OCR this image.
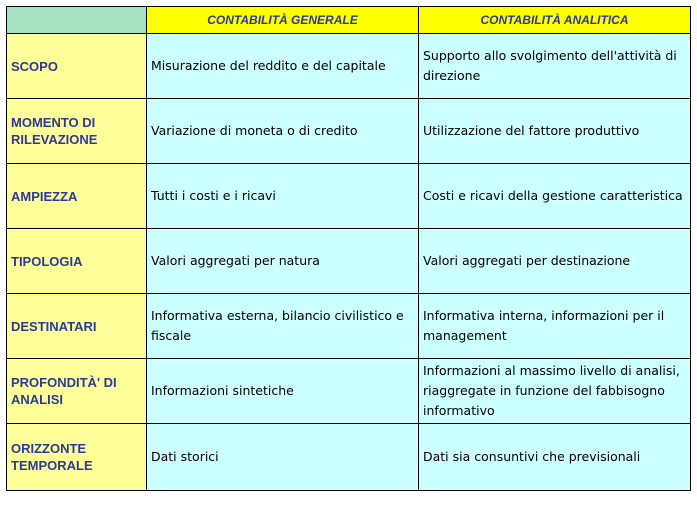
	CONTABILITÀ GENERALE	CONTABILITÀ ANALITICA
SCOPO	Misurazione del reddito e del capitale	Supporto allo svolgimento dell'attività di direzione
MOMENTO DI RILEVAZIONE	Variazione di moneta o di credito	Utilizzazione del fattore produttivo
AMPIEZZA	Tutti i costi e i ricavi	Costi e ricavi della gestione caratteristica
TIPOLOGIA	Valori aggregati per natura	Valori aggregati per destinazione
DESTINATARI	Informativa esterna, bilancio civilistico e fiscale	Informativa interna, informazioni per il management
PROFONDITÀ' DI ANALISI	Informazioni sintetiche	Informazioni al massimo livello di analisi, riaggregate in funzione del fabbisogno informativo
ORIZZONTE TEMPORALE	Dati storici	Dati sia consuntivi che previsionali
